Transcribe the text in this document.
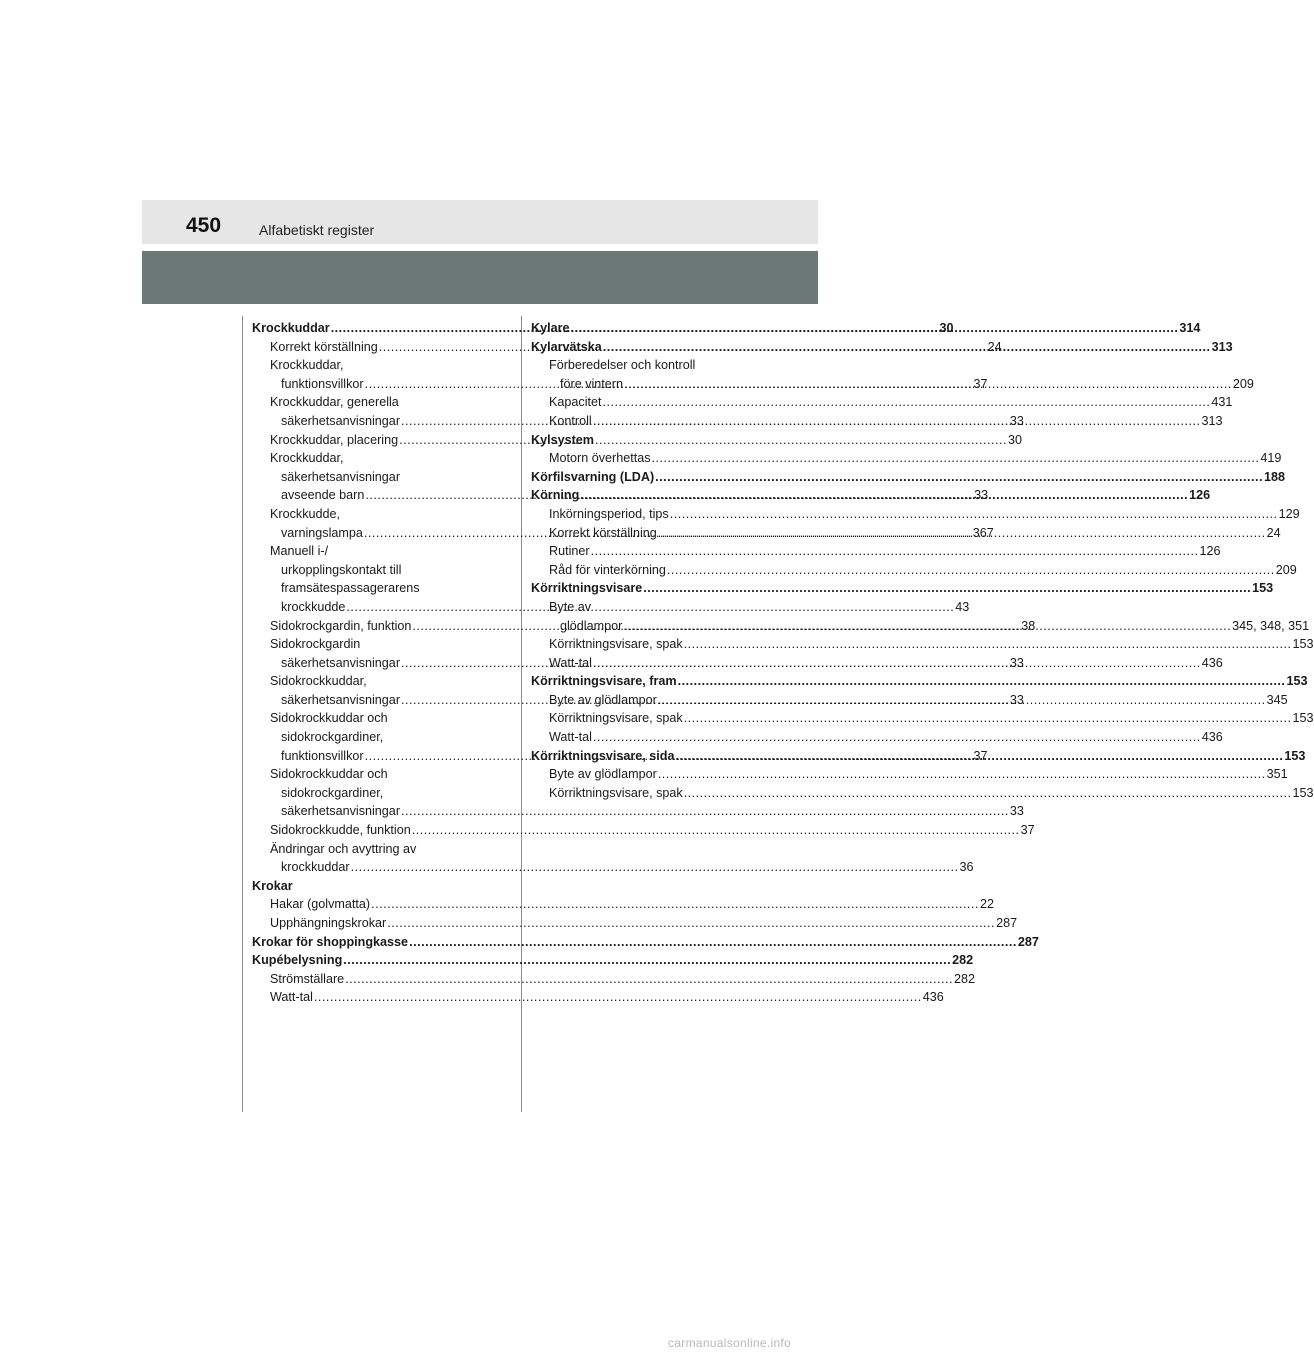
450	Alfabetiskt register
Krockkuddar .....	30
Korrekt körställning .....	24
Krockkuddar,
funktionsvillkor .....	37
Krockkuddar, generella
säkerhetsanvisningar .....	33
Krockkuddar, placering .....	30
Krockkuddar,
säkerhetsanvisningar
avseende barn .....	33
Krockkudde,
varningslampa .....	367
Manuell i-/
urkopplingskontakt till
framsätespassagerarens
krockkudde .....	43
Sidokrockgardin, funktion .....	38
Sidokrockgardin
säkerhetsanvisningar .....	33
Sidokrockkuddar,
säkerhetsanvisningar .....	33
Sidokrockkuddar och
sidokrockgardiner,
funktionsvillkor .....	37
Sidokrockkuddar och
sidokrockgardiner,
säkerhetsanvisningar .....	33
Sidokrockkudde, funktion .....	37
Ändringar och avyttring av
krockkuddar .....	36
Krokar
Hakar (golvmatta) .....	22
Upphängningskrokar .....	287
Krokar för shoppingkasse .....	287
Kupébelysning .....	282
Strömställare .....	282
Watt-tal .....	436
Kylare .....	314
Kylarvätska .....	313
Förberedelser och kontroll
före vintern .....	209
Kapacitet .....	431
Kontroll .....	313
Kylsystem
Motorn överhettas .....	419
Körfilsvarning (LDA) .....	188
Körning .....	126
Inkörningsperiod, tips .....	129
Korrekt körställning .....	24
Rutiner .....	126
Råd för vinterkörning .....	209
Körriktningsvisare .....	153
Byte av
glödlampor .....	345, 348, 351
Körriktningsvisare, spak .....	153
Watt-tal .....	436
Körriktningsvisare, fram .....	153
Byte av glödlampor .....	345
Körriktningsvisare, spak .....	153
Watt-tal .....	436
Körriktningsvisare, sida .....	153
Byte av glödlampor .....	351
Körriktningsvisare, spak .....	153
carmanualsonline.info
